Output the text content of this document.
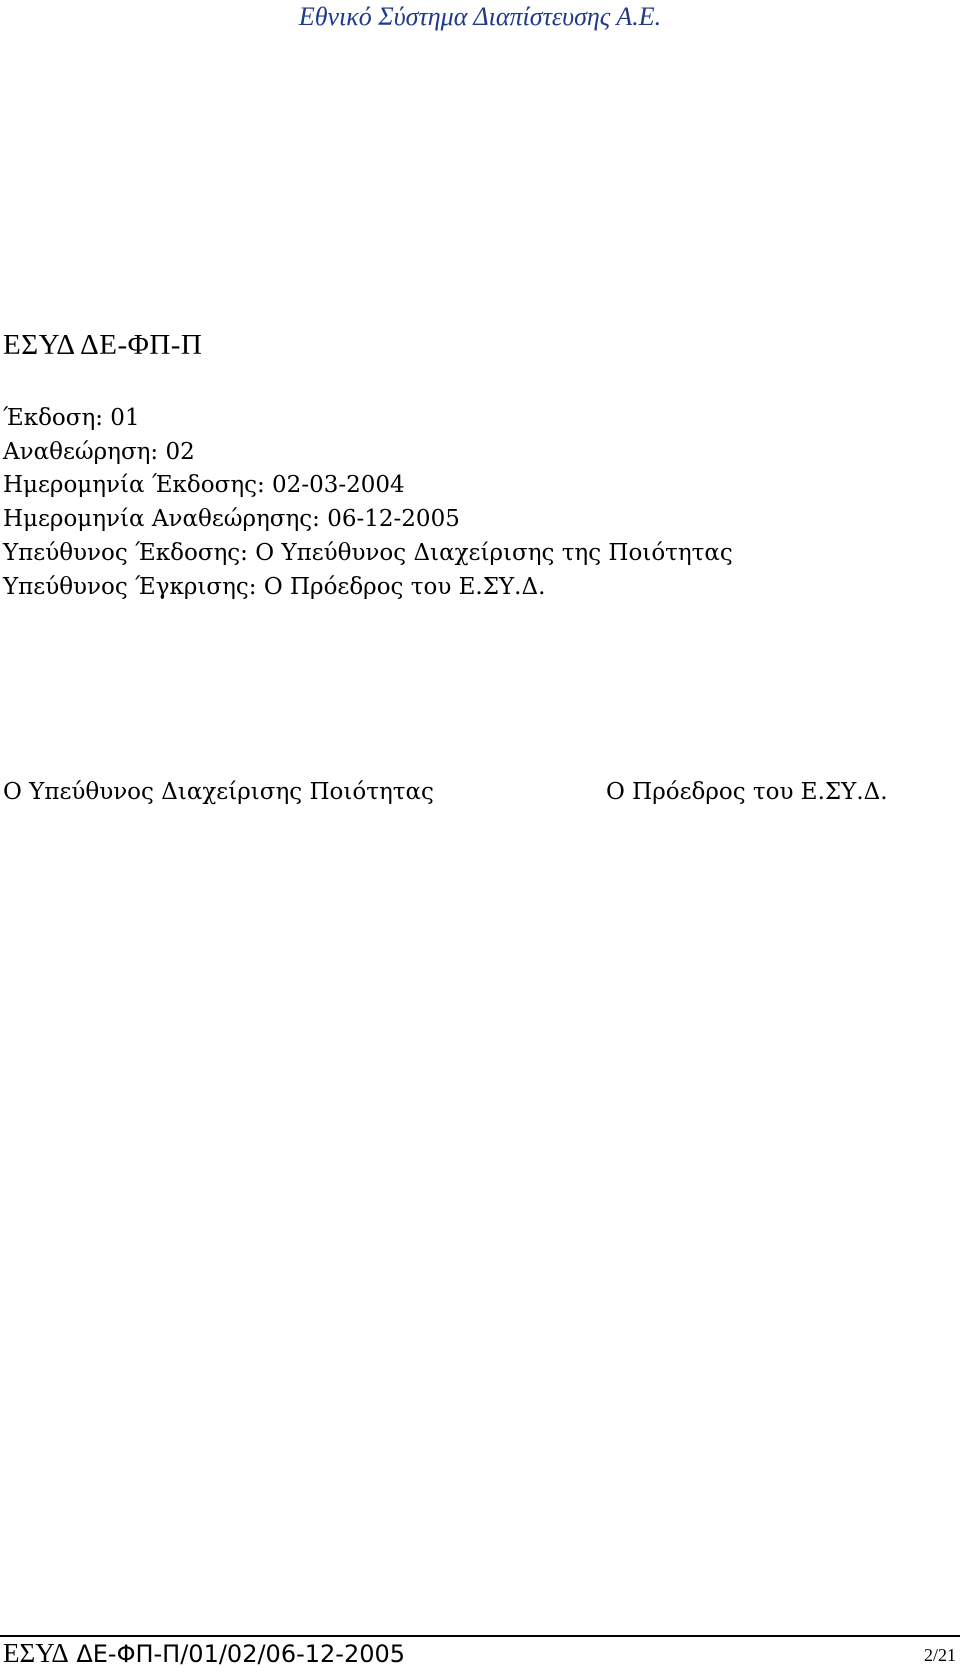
Εθνικό Σύστημα Διαπίστευσης Α.Ε.
ΕΣΥΔ ΔΕ-ΦΠ-Π
Έκδοση: 01
Αναθεώρηση: 02
Ημερομηνία Έκδοσης: 02-03-2004
Ημερομηνία Αναθεώρησης: 06-12-2005
Υπεύθυνος Έκδοσης: Ο Υπεύθυνος Διαχείρισης της Ποιότητας
Υπεύθυνος Έγκρισης: Ο Πρόεδρος του Ε.ΣΥ.Δ.
Ο Υπεύθυνος Διαχείρισης Ποιότητας	Ο Πρόεδρος του Ε.ΣΥ.Δ.
ΕΣΥΔ ΔΕ-ΦΠ-Π/01/02/06-12-2005	2/21
